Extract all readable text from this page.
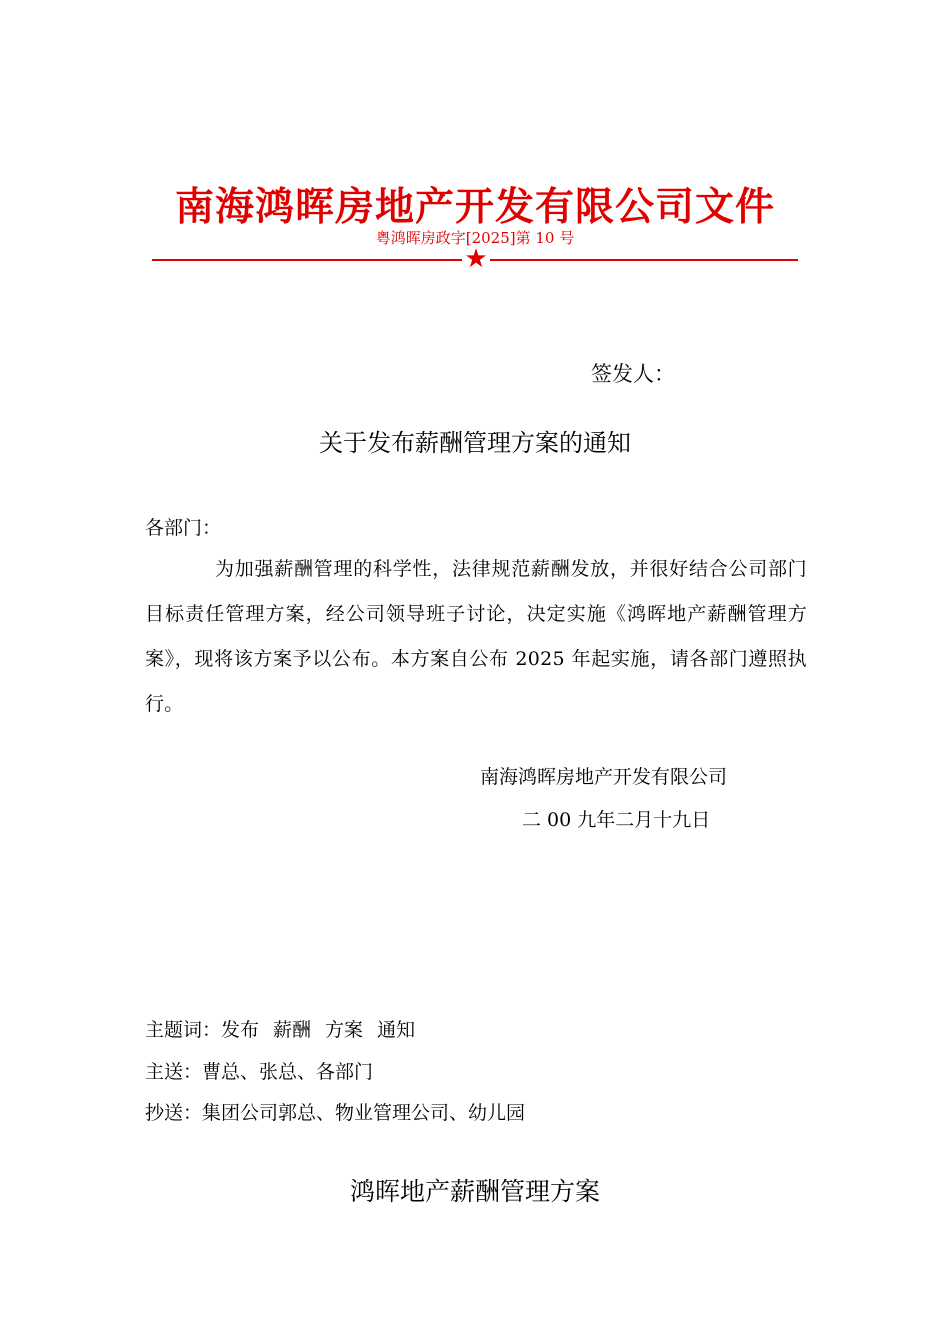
南海鸿晖房地产开发有限公司文件
粤鸿晖房政字[2025]第 10 号
★
签发人：
关于发布薪酬管理方案的通知
各部门：
为加强薪酬管理的科学性，法律规范薪酬发放，并很好结合公司部门目标责任管理方案，经公司领导班子讨论，决定实施《鸿晖地产薪酬管理方案》，现将该方案予以公布。本方案自公布 2025 年起实施，请各部门遵照执行。
南海鸿晖房地产开发有限公司
二 00 九年二月十九日
主题词：发布 薪酬 方案 通知
主送：曹总、张总、各部门
抄送：集团公司郭总、物业管理公司、幼儿园
鸿晖地产薪酬管理方案
